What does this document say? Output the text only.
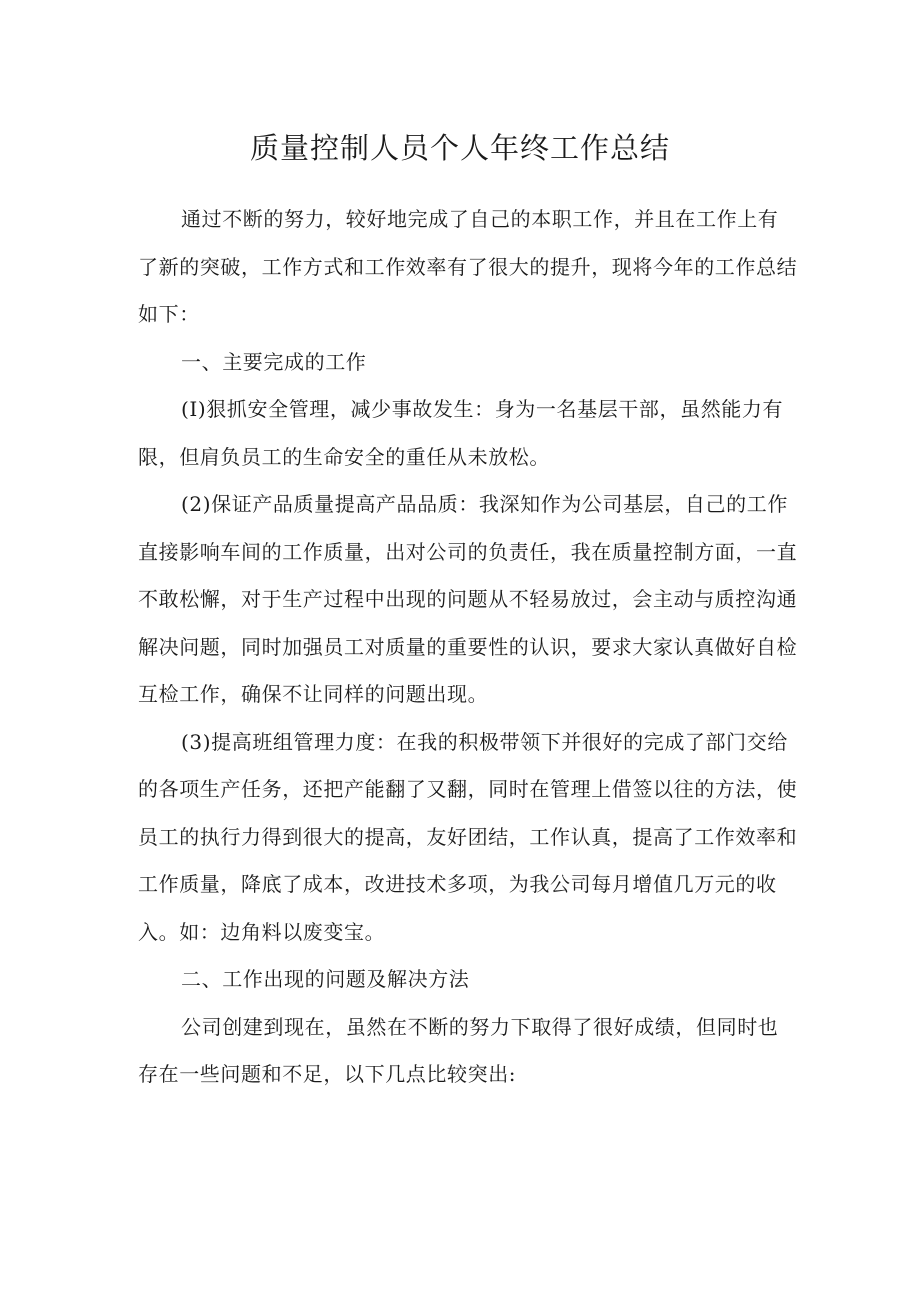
质量控制人员个人年终工作总结

通过不断的努力，较好地完成了自己的本职工作，并且在工作上有了新的突破，工作方式和工作效率有了很大的提升，现将今年的工作总结如下：

一、主要完成的工作

(I)狠抓安全管理，减少事故发生：身为一名基层干部，虽然能力有限，但肩负员工的生命安全的重任从未放松。

(2)保证产品质量提高产品品质：我深知作为公司基层，自己的工作直接影响车间的工作质量，出对公司的负责任，我在质量控制方面，一直不敢松懈，对于生产过程中出现的问题从不轻易放过，会主动与质控沟通解决问题，同时加强员工对质量的重要性的认识，要求大家认真做好自检互检工作，确保不让同样的问题出现。

(3)提高班组管理力度：在我的积极带领下并很好的完成了部门交给的各项生产任务，还把产能翻了又翻，同时在管理上借签以往的方法，使员工的执行力得到很大的提高，友好团结，工作认真，提高了工作效率和工作质量，降底了成本，改进技术多项，为我公司每月增值几万元的收入。如：边角料以废变宝。

二、工作出现的问题及解决方法

公司创建到现在，虽然在不断的努力下取得了很好成绩，但同时也存在一些问题和不足，以下几点比较突出:
